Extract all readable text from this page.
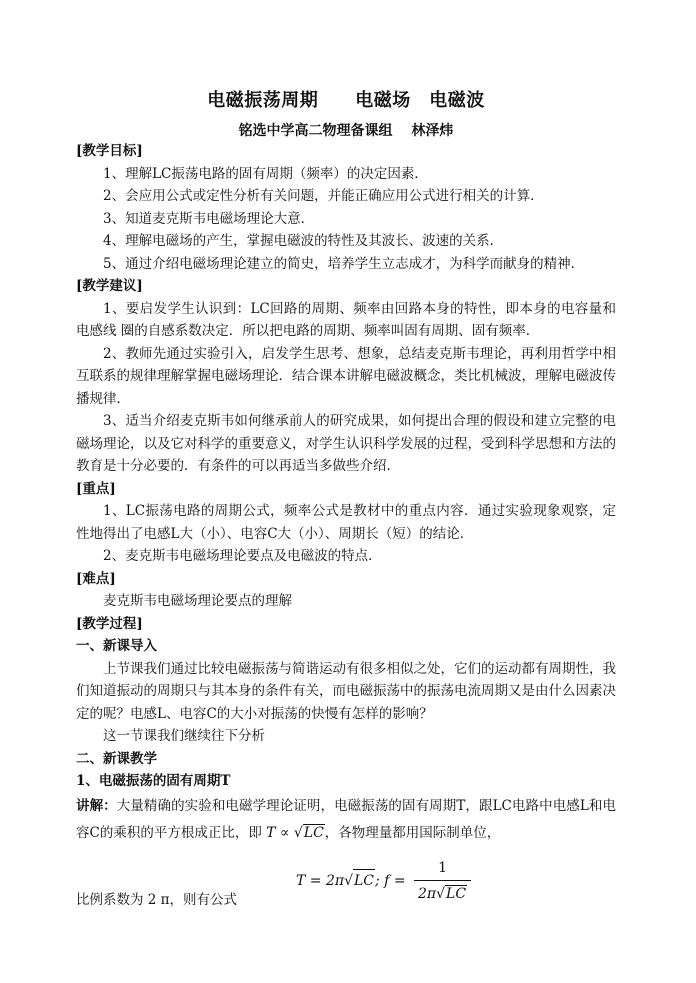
电磁振荡周期　　电磁场　电磁波
铭选中学高二物理备课组　 林泽炜

[教学目标]

1、理解LC振荡电路的固有周期（频率）的决定因素．

2、会应用公式或定性分析有关问题，并能正确应用公式进行相关的计算．

3、知道麦克斯韦电磁场理论大意．

4、理解电磁场的产生，掌握电磁波的特性及其波长、波速的关系．

5、通过介绍电磁场理论建立的简史，培养学生立志成才，为科学而献身的精神．

[教学建议]

1、要启发学生认识到：LC回路的周期、频率由回路本身的特性，即本身的电容量和电感线 圈的自感系数决定．所以把电路的周期、频率叫固有周期、固有频率．

2、教师先通过实验引入，启发学生思考、想象，总结麦克斯韦理论，再利用哲学中相互联系的规律理解掌握电磁场理论．结合课本讲解电磁波概念，类比机械波，理解电磁波传播规律．

3、适当介绍麦克斯韦如何继承前人的研究成果，如何提出合理的假设和建立完整的电磁场理论，以及它对科学的重要意义，对学生认识科学发展的过程，受到科学思想和方法的教育是十分必要的．有条件的可以再适当多做些介绍．

[重点]

1、LC振荡电路的周期公式，频率公式是教材中的重点内容．通过实验现象观察，定性地得出了电感L大（小）、电容C大（小）、周期长（短）的结论．

2、麦克斯韦电磁场理论要点及电磁波的特点．

[难点]

麦克斯韦电磁场理论要点的理解

[教学过程]

一、新课导入

上节课我们通过比较电磁振荡与简谐运动有很多相似之处，它们的运动都有周期性，我们知道振动的周期只与其本身的条件有关，而电磁振荡中的振荡电流周期又是由什么因素决定的呢？电感L、电容C的大小对振荡的快慢有怎样的影响？

这一节课我们继续往下分析

二、新课教学

1、电磁振荡的固有周期T

讲解：大量精确的实验和电磁学理论证明，电磁振荡的固有周期T，跟LC电路中电感L和电容C的乘积的平方根成正比，即 T ∝ √LC，各物理量都用国际制单位，

T = 2π √ LC ; $f = \frac{1}{2\pi√LC}$
比例系数为 2 π，则有公式
